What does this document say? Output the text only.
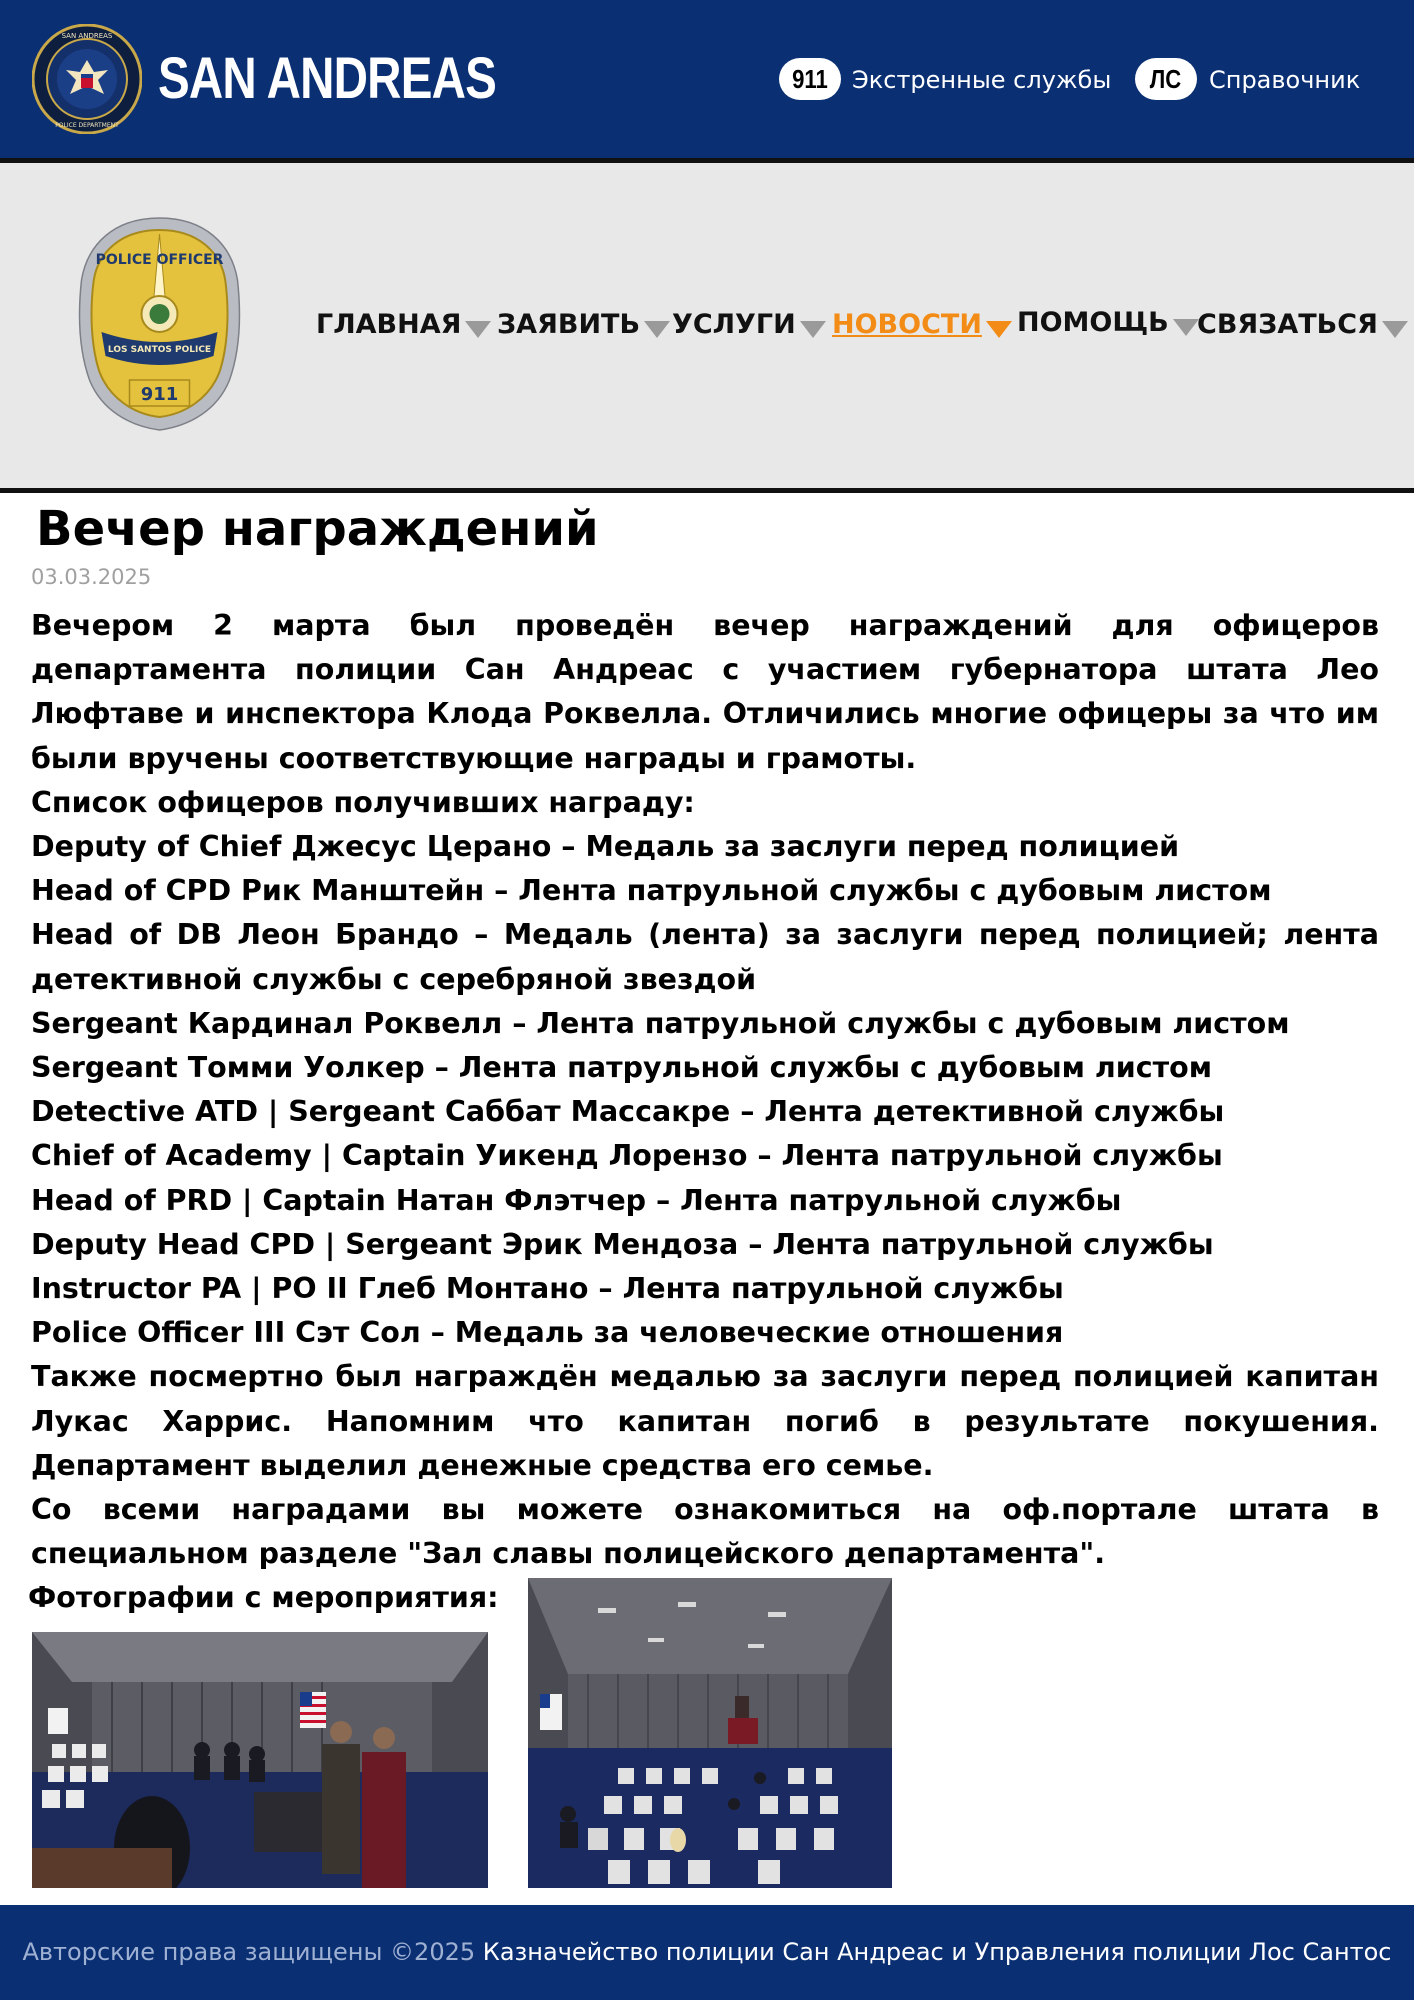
SAN ANDREAS
POLICE DEPARTMENT
SAN ANDREAS	911	Экстренные службы	ЛС	Справочник
POLICE OFFICER
LOS SANTOS POLICE
911
ГЛАВНАЯ ЗАЯВИТЬ УСЛУГИ НОВОСТИ ПОМОЩЬ СВЯЗАТЬСЯ
Вечер награждений
03.03.2025

Вечером 2 марта был проведён вечер награждений для офицеров департамента полиции Сан Андреас с участием губернатора штата Лео Люфтаве и инспектора Клода Роквелла. Отличились многие офицеры за что им были вручены соответствующие награды и грамоты.

Список офицеров получивших награду:

Deputy of Chief Джесус Церано – Медаль за заслуги перед полицией

Head of CPD Рик Манштейн – Лента патрульной службы с дубовым листом

Head of DB Леон Брандо – Медаль (лента) за заслуги перед полицией; лента детективной службы с серебряной звездой

Sergeant Кардинал Роквелл – Лента патрульной службы с дубовым листом

Sergeant Томми Уолкер – Лента патрульной службы с дубовым листом

Detective ATD | Sergeant Саббат Массакре – Лента детективной службы

Chief of Academy | Captain Уикенд Лорензо – Лента патрульной службы

Head of PRD | Captain Натан Флэтчер – Лента патрульной службы

Deputy Head CPD | Sergeant Эрик Мендоза – Лента патрульной службы

Instructor PA | PO II Глеб Монтано – Лента патрульной службы

Police Officer III Сэт Сол – Медаль за человеческие отношения

Также посмертно был награждён медалью за заслуги перед полицией капитан Лукас Харрис. Напомним что капитан погиб в результате покушения. Департамент выделил денежные средства его семье.

Со всеми наградами вы можете ознакомиться на оф.портале штата в специальном разделе "Зал славы полицейского департамента".

Фотографии с мероприятия:
Авторские права защищены ©2025 Казначейство полиции Сан Андреас и Управления полиции Лос Сантос
